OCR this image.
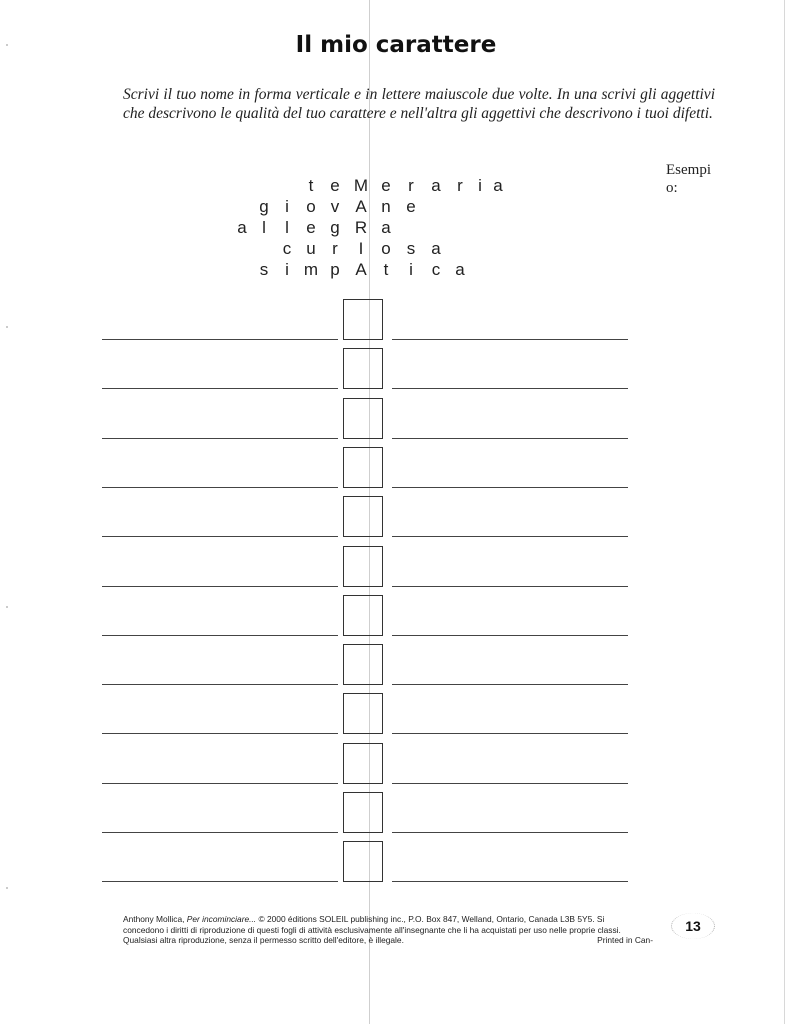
Il mio carattere
Scrivi il tuo nome in forma verticale e in lettere maiuscole due volte. In una scrivi gli aggettivi che descrivono le qualità del tuo carattere e nell'altra gli aggettivi che descrivono i tuoi difetti.
Esempi
o:
t e M e	r	a r i a
g i	o v A n e
a l	l	e g R a
c u r	I	o s a
s i m p A t	i	c a
Anthony Mollica, Per incominciare... © 2000 éditions SOLEIL publishing inc., P.O. Box 847, Welland, Ontario, Canada L3B 5Y5. Si
concedono i diritti di riproduzione di questi fogli di attività esclusivamente all'insegnante che li ha acquistati per uso nelle proprie classi.
Qualsiasi altra riproduzione, senza il permesso scritto dell'editore, è illegale.	Printed in Can-
13
